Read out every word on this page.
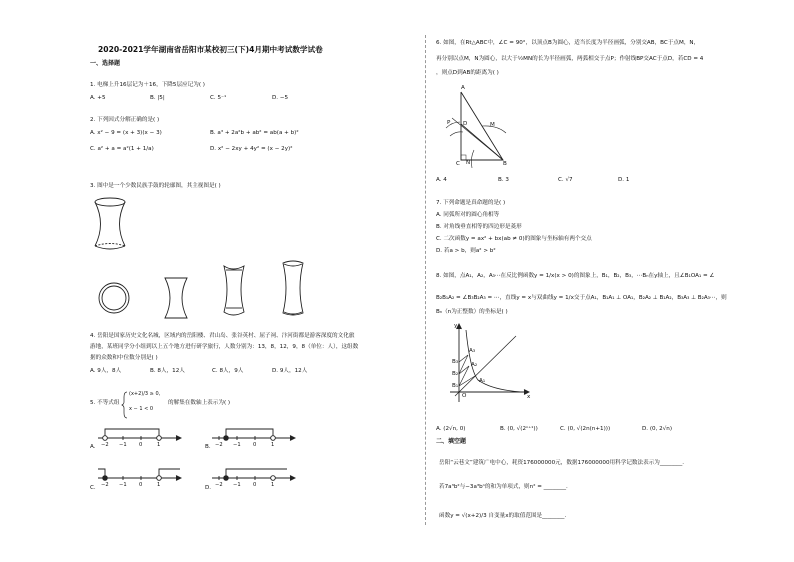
2020-2021学年湖南省岳阳市某校初三(下)4月期中考试数学试卷
一、选择题
1. 电梯上升16层记为＋16，下降5层应记为( )
A. +5	B. |5|	C. 5⁻¹	D. −5
2. 下列因式分解正确的是( )
A. x² − 9 = (x + 3)(x − 3)	B. a³ + 2a²b + ab² = ab(a + b)²
C. a² + a = a²(1 + 1/a)	D. x² − 2xy + 4y² = (x − 2y)²
3. 图中是一个少数民族手鼓的轮廓图，其主视图是( )
4. 岳阳是国家历史文化名城，区域内的岳阳楼、君山岛、张谷英村、屈子祠、汴河街都是游客深度的文化旅
游地，某班同学分小组到以上五个地方进行研学旅行，人数分别为：13，8，12，9，8（单位：人），这组数
据的众数和中位数分别是( )
A. 9人，8人	B. 8人，12人	C. 8人，9人	D. 9人，12人
5. 不等式组
(x+2)/3 ≥ 0,
x − 1 < 0
的解集在数轴上表示为( )
A.	B.
C.	D.
−2 −1 0	1	−2 −1 0	1
−2 −1 0	1	−2 −1 0	1
6. 如图，在Rt△ABC中，∠C = 90°，以顶点B为圆心，适当长度为半径画弧，分别交AB，BC于点M，N，
再分别以点M，N为圆心，以大于½MN的长为半径画弧，两弧相交于点P；作射线BP交AC于点D，若CD = 4
，则点D到AB的距离为( )
A
B
C
D	M
N
P
A. 4	B. 3	C. √7	D. 1
7. 下列命题是真命题的是( )
A. 同弧所对的圆心角相等
B. 对角线垂直相等的四边形是菱形
C. 二次函数y = ax² + bx(ab ≠ 0)的图象与坐标轴有两个交点
D. 若a > b，则a² > b²
8. 如图，点A₁，A₂，A₃⋯在反比例函数y = 1/x(x > 0)的图象上，B₁，B₂，B₃，⋯Bₙ在y轴上，且∠B₁OA₁ = ∠
B₂B₁A₂ = ∠B₃B₂A₃ = ⋯，直线y = x与双曲线y = 1/x交于点A₁，B₁A₁ ⊥ OA₁，B₂A₂ ⊥ B₁A₂，B₃A₃ ⊥ B₂A₃⋯，则
Bₙ（n为正整数）的坐标是( )
y
x
O
B₁
B₂
B₃
A₁
A₂
A₃
A. (2√n, 0)	B. (0, √(2ⁿ⁺¹))	C. (0, √(2n(n+1)))	D. (0, 2√n)
二、填空题
岳阳“云巷文”建筑广电中心，耗资176000000元，数据176000000用科学记数法表示为________.
若7a³b²与−3a³bⁿ的和为单项式，则n² = ________.
函数y = √(x+2)/3 自变量x的取值范围是________.
